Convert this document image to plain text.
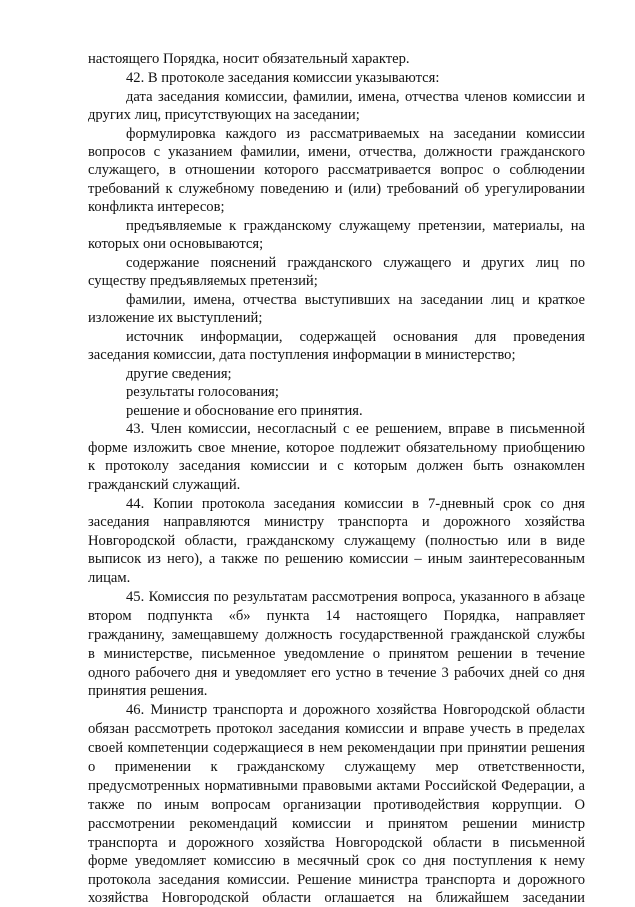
настоящего Порядка, носит обязательный характер.
42. В протоколе заседания комиссии указываются:
дата заседания комиссии, фамилии, имена, отчества членов комиссии и
других лиц, присутствующих на заседании;
формулировка каждого из рассматриваемых на заседании комиссии
вопросов с указанием фамилии, имени, отчества, должности гражданского
служащего, в отношении которого рассматривается вопрос о соблюдении
требований к служебному поведению и (или) требований об урегулировании
конфликта интересов;
предъявляемые к гражданскому служащему претензии, материалы, на
которых они основываются;
содержание пояснений гражданского служащего и других лиц по
существу предъявляемых претензий;
фамилии, имена, отчества выступивших на заседании лиц и краткое
изложение их выступлений;
источник информации, содержащей основания для проведения
заседания комиссии, дата поступления информации в министерство;
другие сведения;
результаты голосования;
решение и обоснование его принятия.
43. Член комиссии, несогласный с ее решением, вправе в письменной
форме изложить свое мнение, которое подлежит обязательному приобщению
к протоколу заседания комиссии и с которым должен быть ознакомлен
гражданский служащий.
44. Копии протокола заседания комиссии в 7-дневный срок со дня
заседания направляются министру транспорта и дорожного хозяйства
Новгородской области, гражданскому служащему (полностью или в виде
выписок из него), а также по решению комиссии – иным заинтересованным
лицам.
45. Комиссия по результатам рассмотрения вопроса, указанного в абзаце
втором подпункта «б» пункта 14 настоящего Порядка, направляет
гражданину, замещавшему должность государственной гражданской службы
в министерстве, письменное уведомление о принятом решении в течение
одного рабочего дня и уведомляет его устно в течение 3 рабочих дней со дня
принятия решения.
46. Министр транспорта и дорожного хозяйства Новгородской области
обязан рассмотреть протокол заседания комиссии и вправе учесть в пределах
своей компетенции содержащиеся в нем рекомендации при принятии решения
о применении к гражданскому служащему мер ответственности,
предусмотренных нормативными правовыми актами Российской Федерации, а
также по иным вопросам организации противодействия коррупции. О
рассмотрении рекомендаций комиссии и принятом решении министр
транспорта и дорожного хозяйства Новгородской области в письменной
форме уведомляет комиссию в месячный срок со дня поступления к нему
протокола заседания комиссии. Решение министра транспорта и дорожного
хозяйства Новгородской области оглашается на ближайшем заседании
